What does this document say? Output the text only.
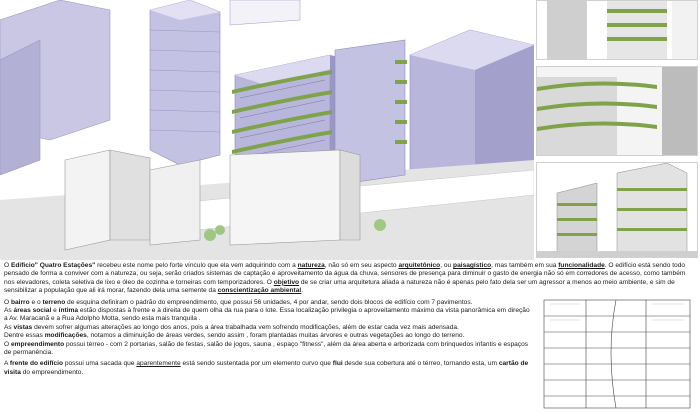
O Edificio" Quatro Estações" recebeu este nome pelo forte vínculo que ela vem adquirindo com a natureza, não só em seu aspecto arquitetônico, ou paisagístico, mas também em sua funcionalidade. O edifício está sendo todo pensado de forma a conviver com a natureza, ou seja, serão criados sistemas de captação e aproveitamento da água da chuva, sensores de presença para diminuir o gasto de energia não só em corredores de acesso, como também nos elevadores, coleta seletiva de lixo e óleo de cozinha e torneiras com temporizadores. O objetivo de se criar uma arquitetura aliada a natureza não é apenas pelo fato dela ser um agressor a menos ao meio ambiente, e sim de sensibilizar a população que ali irá morar, fazendo dela uma semente da conscientização ambiental.

O bairro e o terreno de esquina definiram o padrão do empreendimento, que possui 56 unidades, 4 por andar, sendo dois blocos de edifício com 7 pavimentos.

As áreas social e íntima estão dispostas à frente e à direita de quem olha da rua para o lote. Essa localização privilegia o aproveitamento máximo da vista panorâmica em direção a Av. Maracanã e a Rua Adolpho Motta, sendo esta mais tranquila .

As vistas devem sofrer algumas alterações ao longo dos anos, pois a área trabalhada vem sofrendo modificações, além de estar cada vez mais adensada.

Dentre essas modificações, notamos a diminuição de áreas verdes, sendo assim , foram plantadas muitas árvores e outras vegetações ao longo do terreno.

O empreendimento possui térreo - com 2 portarias, salão de festas, salão de jogos, sauna , espaço "fitness", além da área aberta e arborizada com brinquedos infantis e espaços de permanência.

A frente do edifício possui uma sacada que aparentemente está sendo sustentada por um elemento curvo que flui desde sua cobertura até o térreo, tornando esta, um cartão de visita do empreendimento.
